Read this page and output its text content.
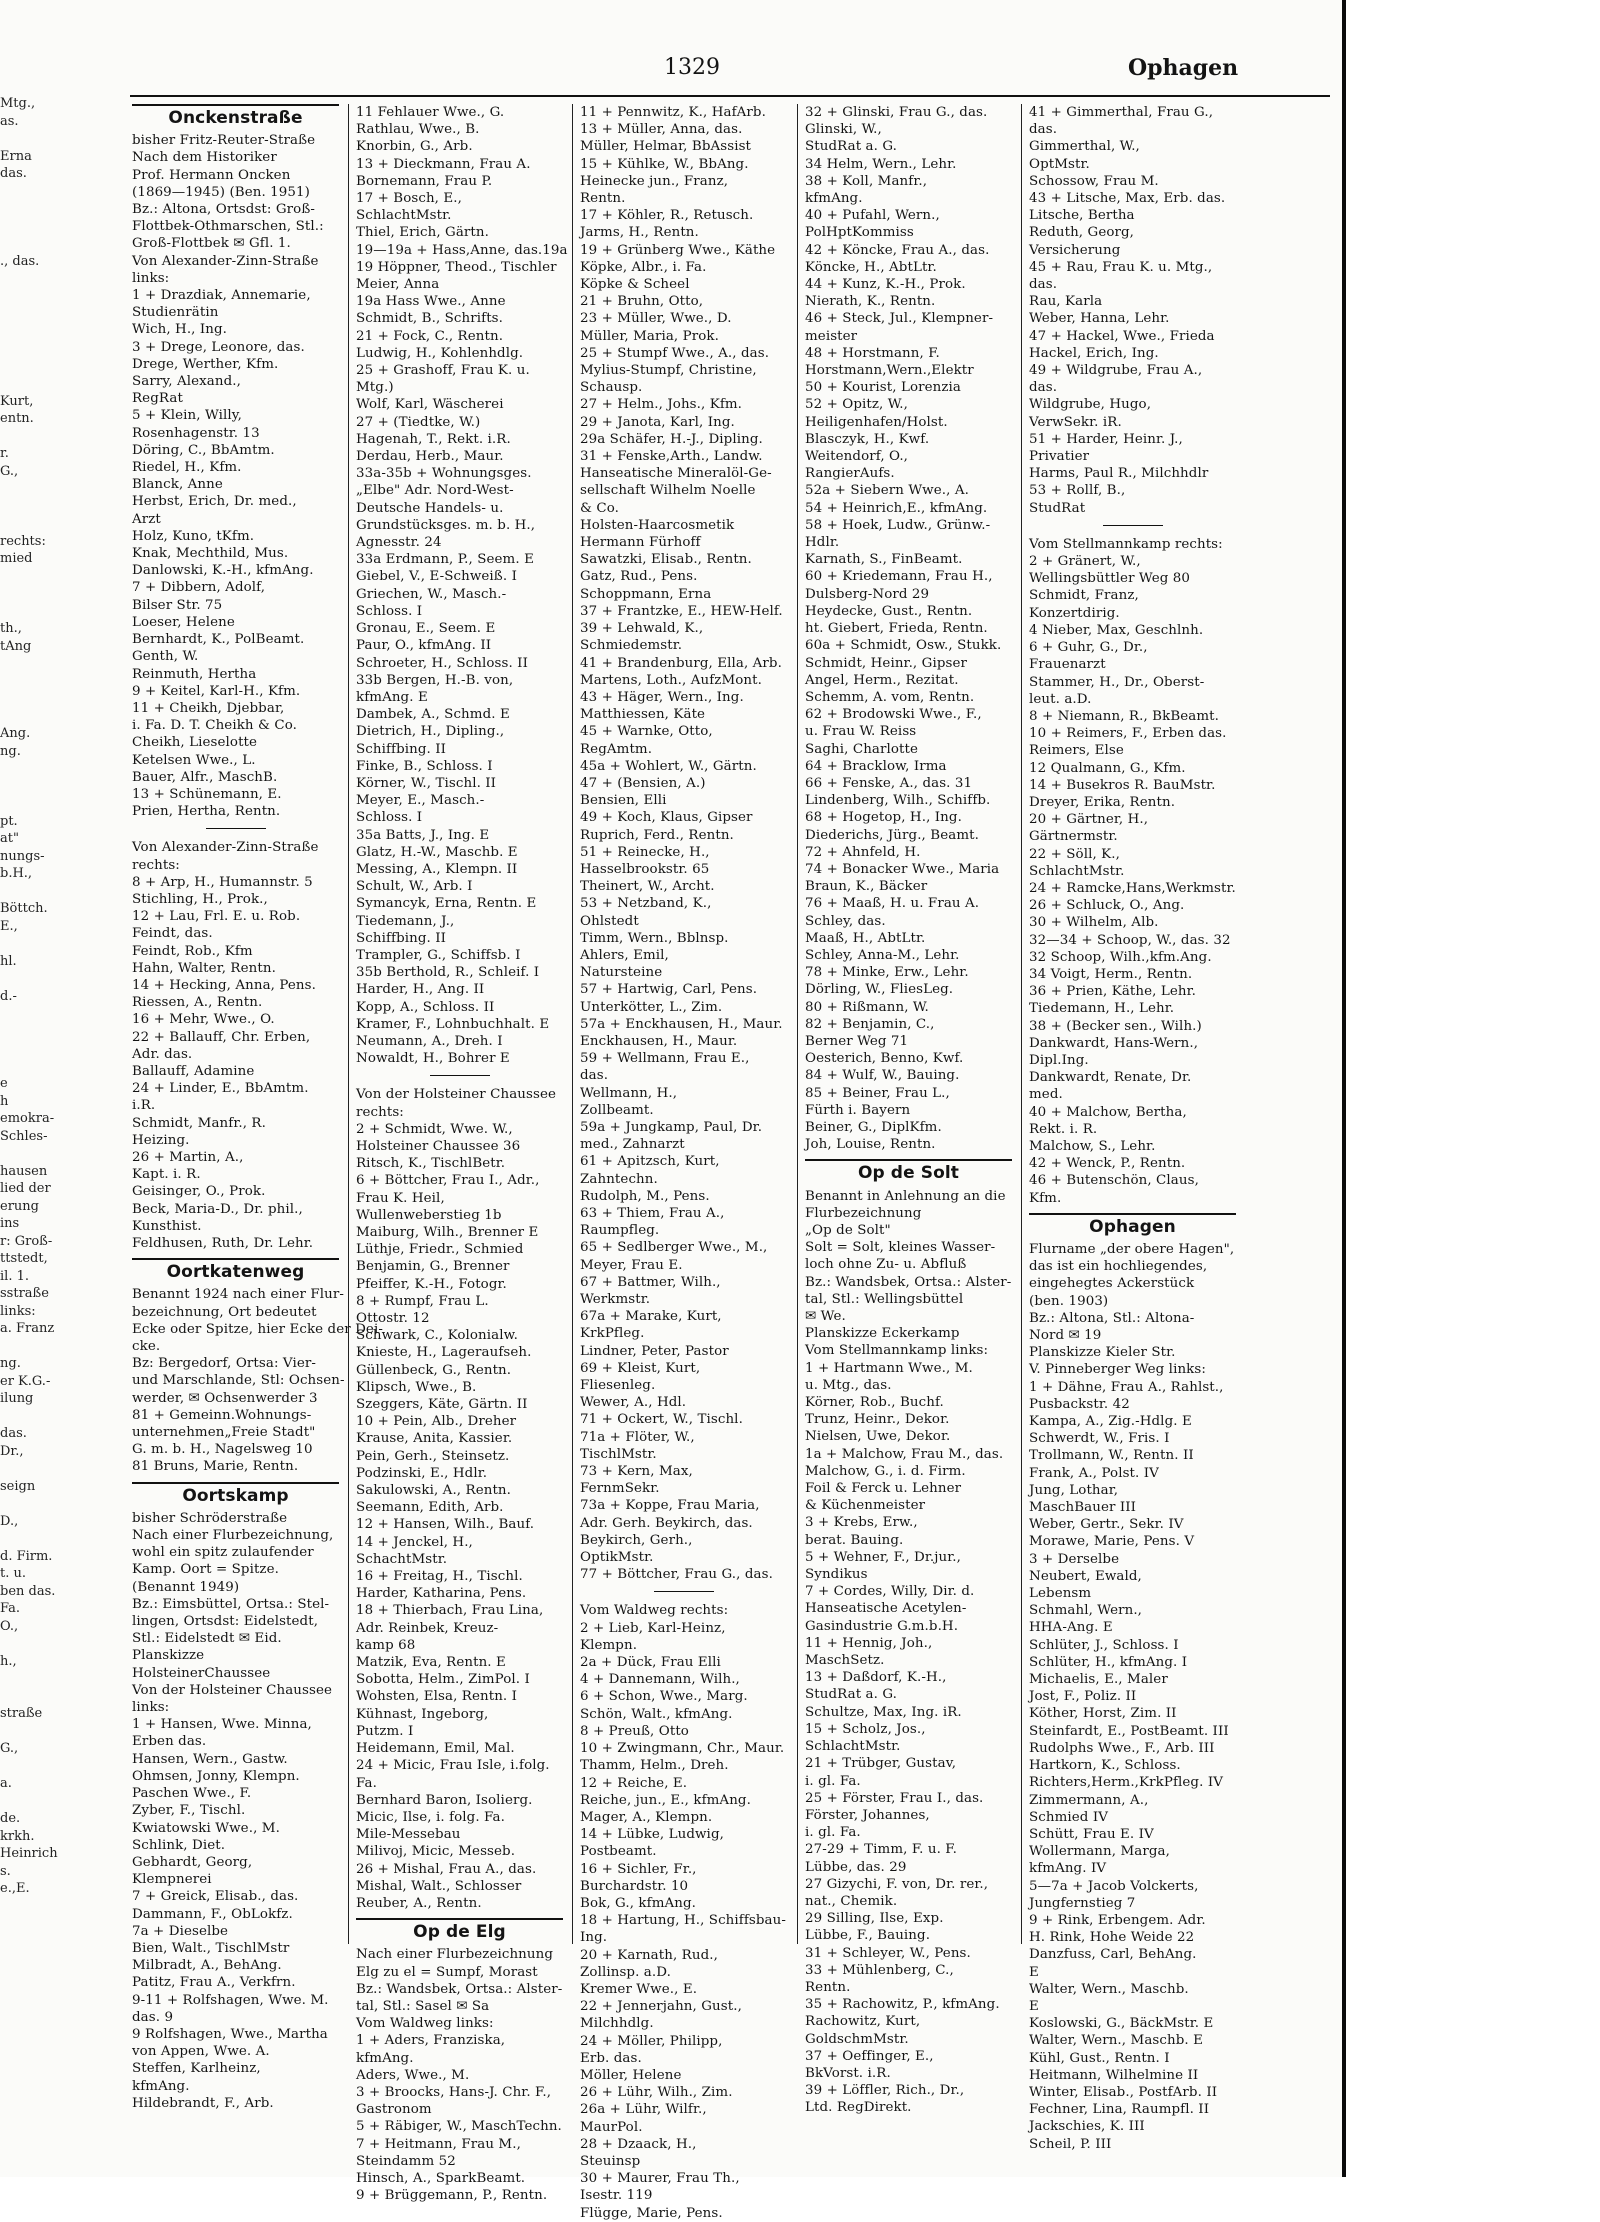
Mtg.,
as.

Erna
das.

., das.

Kurt,
entn.

r.
G.,

rechts:
mied

th.,
tAng

Ang.
ng.

pt.
at"
nungs-
b.H.,

Böttch.
E.,

hl.

d.-

e
h
emokra-
Schles-

hausen
lied der
erung
ins
r: Groß-
ttstedt,
il. 1.
sstraße
links:
a. Franz

ng.
er K.G.-
ilung

das.
Dr.,

seign

D.,

d. Firm.
t. u.
ben das.
Fa.
O.,

h.,

straße

G.,

a.

de.
krkh.
Heinrich
s.
e.,E.
1329	Ophagen
Onckenstraße
bisher Fritz-Reuter-Straße
Nach dem Historiker
Prof. Hermann Oncken
(1869—1945) (Ben. 1951)
Bz.: Altona, Ortsdst: Groß-
Flottbek-Othmarschen, Stl.:
Groß-Flottbek ✉ Gfl. 1.
Von Alexander-Zinn-Straße
links:
1 + Drazdiak, Annemarie,
Studienrätin
Wich, H., Ing.
3 + Drege, Leonore, das.
Drege, Werther, Kfm.
Sarry, Alexand.,
RegRat
5 + Klein, Willy,
Rosenhagenstr. 13
Döring, C., BbAmtm.
Riedel, H., Kfm.
Blanck, Anne
Herbst, Erich, Dr. med.,
Arzt
Holz, Kuno, tKfm.
Knak, Mechthild, Mus.
Danlowski, K.-H., kfmAng.
7 + Dibbern, Adolf,
Bilser Str. 75
Loeser, Helene
Bernhardt, K., PolBeamt.
Genth, W.
Reinmuth, Hertha
9 + Keitel, Karl-H., Kfm.
11 + Cheikh, Djebbar,
i. Fa. D. T. Cheikh & Co.
Cheikh, Lieselotte
Ketelsen Wwe., L.
Bauer, Alfr., MaschB.
13 + Schünemann, E.
Prien, Hertha, Rentn.
Von Alexander-Zinn-Straße
rechts:
8 + Arp, H., Humannstr. 5
Stichling, H., Prok.,
12 + Lau, Frl. E. u. Rob.
Feindt, das.
Feindt, Rob., Kfm
Hahn, Walter, Rentn.
14 + Hecking, Anna, Pens.
Riessen, A., Rentn.
16 + Mehr, Wwe., O.
22 + Ballauff, Chr. Erben,
Adr. das.
Ballauff, Adamine
24 + Linder, E., BbAmtm.
i.R.
Schmidt, Manfr., R.
Heizing.
26 + Martin, A.,
Kapt. i. R.
Geisinger, O., Prok.
Beck, Maria-D., Dr. phil.,
Kunsthist.
Feldhusen, Ruth, Dr. Lehr.
Oortkatenweg
Benannt 1924 nach einer Flur-
bezeichnung, Ort bedeutet
Ecke oder Spitze, hier Ecke der Dei-
cke.
Bz: Bergedorf, Ortsa: Vier-
und Marschlande, Stl: Ochsen-
werder, ✉ Ochsenwerder 3
81 + Gemeinn.Wohnungs-
unternehmen„Freie Stadt"
G. m. b. H., Nagelsweg 10
81 Bruns, Marie, Rentn.
Oortskamp
bisher Schröderstraße
Nach einer Flurbezeichnung,
wohl ein spitz zulaufender
Kamp. Oort = Spitze.
(Benannt 1949)
Bz.: Eimsbüttel, Ortsa.: Stel-
lingen, Ortsdst: Eidelstedt,
Stl.: Eidelstedt ✉ Eid.
Planskizze
HolsteinerChaussee
Von der Holsteiner Chaussee
links:
1 + Hansen, Wwe. Minna,
Erben das.
Hansen, Wern., Gastw.
Ohmsen, Jonny, Klempn.
Paschen Wwe., F.
Zyber, F., Tischl.
Kwiatowski Wwe., M.
Schlink, Diet.
Gebhardt, Georg,
Klempnerei
7 + Greick, Elisab., das.
Dammann, F., ObLokfz.
7a + Dieselbe
Bien, Walt., TischlMstr
Milbradt, A., BehAng.
Patitz, Frau A., Verkfrn.
9-11 + Rolfshagen, Wwe. M.
das. 9
9 Rolfshagen, Wwe., Martha
von Appen, Wwe. A.
Steffen, Karlheinz,
kfmAng.
Hildebrandt, F., Arb.
11 Fehlauer Wwe., G.
Rathlau, Wwe., B.
Knorbin, G., Arb.
13 + Dieckmann, Frau A.
Bornemann, Frau P.
17 + Bosch, E.,
SchlachtMstr.
Thiel, Erich, Gärtn.
19—19a + Hass,Anne, das.19a
19 Höppner, Theod., Tischler
Meier, Anna
19a Hass Wwe., Anne
Schmidt, B., Schrifts.
21 + Fock, C., Rentn.
Ludwig, H., Kohlenhdlg.
25 + Grashoff, Frau K. u.
Mtg.)
Wolf, Karl, Wäscherei
27 + (Tiedtke, W.)
Hagenah, T., Rekt. i.R.
Derdau, Herb., Maur.
33a-35b + Wohnungsges.
„Elbe" Adr. Nord-West-
Deutsche Handels- u.
Grundstücksges. m. b. H.,
Agnesstr. 24
33a Erdmann, P., Seem. E
Giebel, V., E-Schweiß. I
Griechen, W., Masch.-
Schloss. I
Gronau, E., Seem. E
Paur, O., kfmAng. II
Schroeter, H., Schloss. II
33b Bergen, H.-B. von,
kfmAng. E
Dambek, A., Schmd. E
Dietrich, H., Dipling.,
Schiffbing. II
Finke, B., Schloss. I
Körner, W., Tischl. II
Meyer, E., Masch.-
Schloss. I
35a Batts, J., Ing. E
Glatz, H.-W., Maschb. E
Messing, A., Klempn. II
Schult, W., Arb. I
Symancyk, Erna, Rentn. E
Tiedemann, J.,
Schiffbing. II
Trampler, G., Schiffsb. I
35b Berthold, R., Schleif. I
Harder, H., Ang. II
Kopp, A., Schloss. II
Kramer, F., Lohnbuchhalt. E
Neumann, A., Dreh. I
Nowaldt, H., Bohrer E
Von der Holsteiner Chaussee
rechts:
2 + Schmidt, Wwe. W.,
Holsteiner Chaussee 36
Ritsch, K., TischlBetr.
6 + Böttcher, Frau I., Adr.,
Frau K. Heil,
Wullenweberstieg 1b
Maiburg, Wilh., Brenner E
Lüthje, Friedr., Schmied
Benjamin, G., Brenner
Pfeiffer, K.-H., Fotogr.
8 + Rumpf, Frau L.
Ottostr. 12
Schwark, C., Kolonialw.
Knieste, H., Lageraufseh.
Güllenbeck, G., Rentn.
Klipsch, Wwe., B.
Szeggers, Käte, Gärtn. II
10 + Pein, Alb., Dreher
Krause, Anita, Kassier.
Pein, Gerh., Steinsetz.
Podzinski, E., Hdlr.
Sakulowski, A., Rentn.
Seemann, Edith, Arb.
12 + Hansen, Wilh., Bauf.
14 + Jenckel, H.,
SchachtMstr.
16 + Freitag, H., Tischl.
Harder, Katharina, Pens.
18 + Thierbach, Frau Lina,
Adr. Reinbek, Kreuz-
kamp 68
Matzik, Eva, Rentn. E
Sobotta, Helm., ZimPol. I
Wohsten, Elsa, Rentn. I
Kühnast, Ingeborg,
Putzm. I
Heidemann, Emil, Mal.
24 + Micic, Frau Isle, i.folg.
Fa.
Bernhard Baron, Isolierg.
Micic, Ilse, i. folg. Fa.
Mile-Messebau
Milivoj, Micic, Messeb.
26 + Mishal, Frau A., das.
Mishal, Walt., Schlosser
Reuber, A., Rentn.
Op de Elg
Nach einer Flurbezeichnung
Elg zu el = Sumpf, Morast
Bz.: Wandsbek, Ortsa.: Alster-
tal, Stl.: Sasel ✉ Sa
Vom Waldweg links:
1 + Aders, Franziska,
kfmAng.
Aders, Wwe., M.
3 + Broocks, Hans-J. Chr. F.,
Gastronom
5 + Räbiger, W., MaschTechn.
7 + Heitmann, Frau M.,
Steindamm 52
Hinsch, A., SparkBeamt.
9 + Brüggemann, P., Rentn.
11 + Pennwitz, K., HafArb.
13 + Müller, Anna, das.
Müller, Helmar, BbAssist
15 + Kühlke, W., BbAng.
Heinecke jun., Franz,
Rentn.
17 + Köhler, R., Retusch.
Jarms, H., Rentn.
19 + Grünberg Wwe., Käthe
Köpke, Albr., i. Fa.
Köpke & Scheel
21 + Bruhn, Otto,
23 + Müller, Wwe., D.
Müller, Maria, Prok.
25 + Stumpf Wwe., A., das.
Mylius-Stumpf, Christine,
Schausp.
27 + Helm., Johs., Kfm.
29 + Janota, Karl, Ing.
29a Schäfer, H.-J., Dipling.
31 + Fenske,Arth., Landw.
Hanseatische Mineralöl-Ge-
sellschaft Wilhelm Noelle
& Co.
Holsten-Haarcosmetik
Hermann Fürhoff
Sawatzki, Elisab., Rentn.
Gatz, Rud., Pens.
Schoppmann, Erna
37 + Frantzke, E., HEW-Helf.
39 + Lehwald, K.,
Schmiedemstr.
41 + Brandenburg, Ella, Arb.
Martens, Loth., AufzMont.
43 + Häger, Wern., Ing.
Matthiessen, Käte
45 + Warnke, Otto,
RegAmtm.
45a + Wohlert, W., Gärtn.
47 + (Bensien, A.)
Bensien, Elli
49 + Koch, Klaus, Gipser
Rupriсh, Ferd., Rentn.
51 + Reinecke, H.,
Hasselbrookstr. 65
Theinert, W., Archt.
53 + Netzband, K.,
Ohlstedt
Timm, Wern., Bblnsp.
Ahlers, Emil,
Natursteine
57 + Hartwig, Carl, Pens.
Unterkötter, L., Zim.
57a + Enckhausen, H., Maur.
Enckhausen, H., Maur.
59 + Wellmann, Frau E.,
das.
Wellmann, H.,
Zollbeamt.
59a + Jungkamp, Paul, Dr.
med., Zahnarzt
61 + Apitzsch, Kurt,
Zahntechn.
Rudolph, M., Pens.
63 + Thiem, Frau A.,
Raumpfleg.
65 + Sedlberger Wwe., M.,
Meyer, Frau E.
67 + Battmer, Wilh.,
Werkmstr.
67a + Marake, Kurt,
KrkPfleg.
Lindner, Peter, Pastor
69 + Kleist, Kurt,
Fliesenleg.
Wewer, A., Hdl.
71 + Ockert, W., Tischl.
71a + Flöter, W.,
TischlMstr.
73 + Kern, Max,
FernmSekr.
73a + Koppe, Frau Maria,
Adr. Gerh. Beykirch, das.
Beykirch, Gerh.,
OptikMstr.
77 + Böttcher, Frau G., das.
Vom Waldweg rechts:
2 + Lieb, Karl-Heinz,
Klempn.
2a + Dück, Frau Elli
4 + Dannemann, Wilh.,
6 + Schon, Wwe., Marg.
Schön, Walt., kfmAng.
8 + Preuß, Otto
10 + Zwingmann, Chr., Maur.
Thamm, Helm., Dreh.
12 + Reiche, E.
Reiche, jun., E., kfmAng.
Mager, A., Klempn.
14 + Lübke, Ludwig,
Postbeamt.
16 + Sichler, Fr.,
Burchardstr. 10
Bok, G., kfmAng.
18 + Hartung, H., Schiffsbau-
Ing.
20 + Karnath, Rud.,
Zollinsp. a.D.
Kremer Wwe., E.
22 + Jennerjahn, Gust.,
Milchhdlg.
24 + Möller, Philipp,
Erb. das.
Möller, Helene
26 + Lühr, Wilh., Zim.
26a + Lühr, Wilfr.,
MaurPol.
28 + Dzaack, H.,
Steuinsp
30 + Maurer, Frau Th.,
Isestr. 119
Flügge, Marie, Pens.
32 + Glinski, Frau G., das.
Glinski, W.,
StudRat a. G.
34 Helm, Wern., Lehr.
38 + Koll, Manfr.,
kfmAng.
40 + Pufahl, Wern.,
PolHptKommiss
42 + Köncke, Frau A., das.
Köncke, H., AbtLtr.
44 + Kunz, K.-H., Prok.
Nierath, K., Rentn.
46 + Steck, Jul., Klempner-
meister
48 + Horstmann, F.
Horstmann,Wern.,Elektr
50 + Kourist, Lorenzia
52 + Opitz, W.,
Heiligenhafen/Holst.
Blasczyk, H., Kwf.
Weitendorf, O.,
RangierAufs.
52a + Siebern Wwe., A.
54 + Heinrich,E., kfmAng.
58 + Hoek, Ludw., Grünw.-
Hdlr.
Karnath, S., FinBeamt.
60 + Kriedemann, Frau H.,
Dulsberg-Nord 29
Heydecke, Gust., Rentn.
ht. Giebert, Frieda, Rentn.
60a + Schmidt, Osw., Stukk.
Schmidt, Heinr., Gipser
Angel, Herm., Rezitat.
Schemm, A. vom, Rentn.
62 + Brodowski Wwe., F.,
u. Frau W. Reiss
Saghi, Charlotte
64 + Bracklow, Irma
66 + Fenske, A., das. 31
Lindenberg, Wilh., Schiffb.
68 + Hogetop, H., Ing.
Diederichs, Jürg., Beamt.
72 + Ahnfeld, H.
74 + Bonacker Wwe., Maria
Braun, K., Bäcker
76 + Maaß, H. u. Frau A.
Schley, das.
Maaß, H., AbtLtr.
Schley, Anna-M., Lehr.
78 + Minke, Erw., Lehr.
Dörling, W., FliesLeg.
80 + Rißmann, W.
82 + Benjamin, C.,
Berner Weg 71
Oesterich, Benno, Kwf.
84 + Wulf, W., Bauing.
85 + Beiner, Frau L.,
Fürth i. Bayern
Beiner, G., DiplKfm.
Joh, Louise, Rentn.
Op de Solt
Benannt in Anlehnung an die
Flurbezeichnung
„Op de Solt"
Solt = Solt, kleines Wasser-
loch ohne Zu- u. Abfluß
Bz.: Wandsbek, Ortsa.: Alster-
tal, Stl.: Wellingsbüttel
✉ We.
Planskizze Eckerkamp
Vom Stellmannkamp links:
1 + Hartmann Wwe., M.
u. Mtg., das.
Körner, Rob., Buchf.
Trunz, Heinr., Dekor.
Nielsen, Uwe, Dekor.
1a + Malchow, Frau M., das.
Malchow, G., i. d. Firm.
Foil & Ferck u. Lehner
& Küchenmeister
3 + Krebs, Erw.,
berat. Bauing.
5 + Wehner, F., Dr.jur.,
Syndikus
7 + Cordes, Willy, Dir. d.
Hanseatische Acetylen-
Gasindustrie G.m.b.H.
11 + Hennig, Joh.,
MaschSetz.
13 + Daßdorf, K.-H.,
StudRat a. G.
Schultze, Max, Ing. iR.
15 + Scholz, Jos.,
SchlachtMstr.
21 + Trübger, Gustav,
i. gl. Fa.
25 + Förster, Frau I., das.
Förster, Johannes,
i. gl. Fa.
27-29 + Timm, F. u. F.
Lübbe, das. 29
27 Gizychi, F. von, Dr. rer.,
nat., Chemik.
29 Silling, Ilse, Exp.
Lübbe, F., Bauing.
31 + Schleyer, W., Pens.
33 + Mühlenberg, C.,
Rentn.
35 + Rachowitz, P., kfmAng.
Rachowitz, Kurt,
GoldschmMstr.
37 + Oeffinger, E.,
BkVorst. i.R.
39 + Löffler, Rich., Dr.,
Ltd. RegDirekt.
41 + Gimmerthal, Frau G.,
das.
Gimmerthal, W.,
OptMstr.
Schossow, Frau M.
43 + Litsche, Max, Erb. das.
Litsche, Bertha
Reduth, Georg,
Versicherung
45 + Rau, Frau K. u. Mtg.,
das.
Rau, Karla
Weber, Hanna, Lehr.
47 + Hackel, Wwe., Frieda
Hackel, Erich, Ing.
49 + Wildgrube, Frau A.,
das.
Wildgrube, Hugo,
VerwSekr. iR.
51 + Harder, Heinr. J.,
Privatier
Harms, Paul R., Milchhdlr
53 + Rollf, B.,
StudRat
Vom Stellmannkamp rechts:
2 + Gränert, W.,
Wellingsbüttler Weg 80
Schmidt, Franz,
Konzertdirig.
4 Nieber, Max, Geschlnh.
6 + Guhr, G., Dr.,
Frauenarzt
Stammer, H., Dr., Oberst-
leut. a.D.
8 + Niemann, R., BkBeamt.
10 + Reimers, F., Erben das.
Reimers, Else
12 Qualmann, G., Kfm.
14 + Busekros R. BauMstr.
Dreyer, Erika, Rentn.
20 + Gärtner, H.,
Gärtnermstr.
22 + Söll, K.,
SchlachtMstr.
24 + Ramcke,Hans,Werkmstr.
26 + Schluck, O., Ang.
30 + Wilhelm, Alb.
32—34 + Schoop, W., das. 32
32 Schoop, Wilh.,kfm.Ang.
34 Voigt, Herm., Rentn.
36 + Prien, Käthe, Lehr.
Tiedemann, H., Lehr.
38 + (Becker sen., Wilh.)
Dankwardt, Hans-Wern.,
Dipl.Ing.
Dankwardt, Renate, Dr.
med.
40 + Malchow, Bertha,
Rekt. i. R.
Malchow, S., Lehr.
42 + Wenck, P., Rentn.
46 + Butenschön, Claus,
Kfm.
Ophagen
Flurname „der obere Hagen",
das ist ein hochliegendes,
eingehegtes Ackerstück
(ben. 1903)
Bz.: Altona, Stl.: Altona-
Nord ✉ 19
Planskizze Kieler Str.
V. Pinneberger Weg links:
1 + Dähne, Frau A., Rahlst.,
Pusbackstr. 42
Kampa, A., Zig.-Hdlg. E
Schwerdt, W., Fris. I
Trollmann, W., Rentn. II
Frank, A., Polst. IV
Jung, Lothar,
MaschBauer III
Weber, Gertr., Sekr. IV
Morawe, Marie, Pens. V
3 + Derselbe
Neubert, Ewald,
Lebensm
Schmahl, Wern.,
HHA-Ang. E
Schlüter, J., Schloss. I
Schlüter, H., kfmAng. I
Michaelis, E., Maler
Jost, F., Poliz. II
Köther, Horst, Zim. II
Steinfardt, E., PostBeamt. III
Rudolphs Wwe., F., Arb. III
Hartkorn, K., Schloss.
Richters,Herm.,KrkPfleg. IV
Zimmermann, A.,
Schmied IV
Schütt, Frau E. IV
Wollermann, Marga,
kfmAng. IV
5—7a + Jacob Volckerts,
Jungfernstieg 7
9 + Rink, Erbengem. Adr.
H. Rink, Hohe Weide 22
Danzfuss, Carl, BehAng.
E
Walter, Wern., Maschb.
E
Koslowski, G., BäckMstr. E
Walter, Wern., Maschb. E
Kühl, Gust., Rentn. I
Heitmann, Wilhelmine II
Winter, Elisab., PostfArb. II
Fechner, Lina, Raumpfl. II
Jackschies, K. III
Scheil, P. III
